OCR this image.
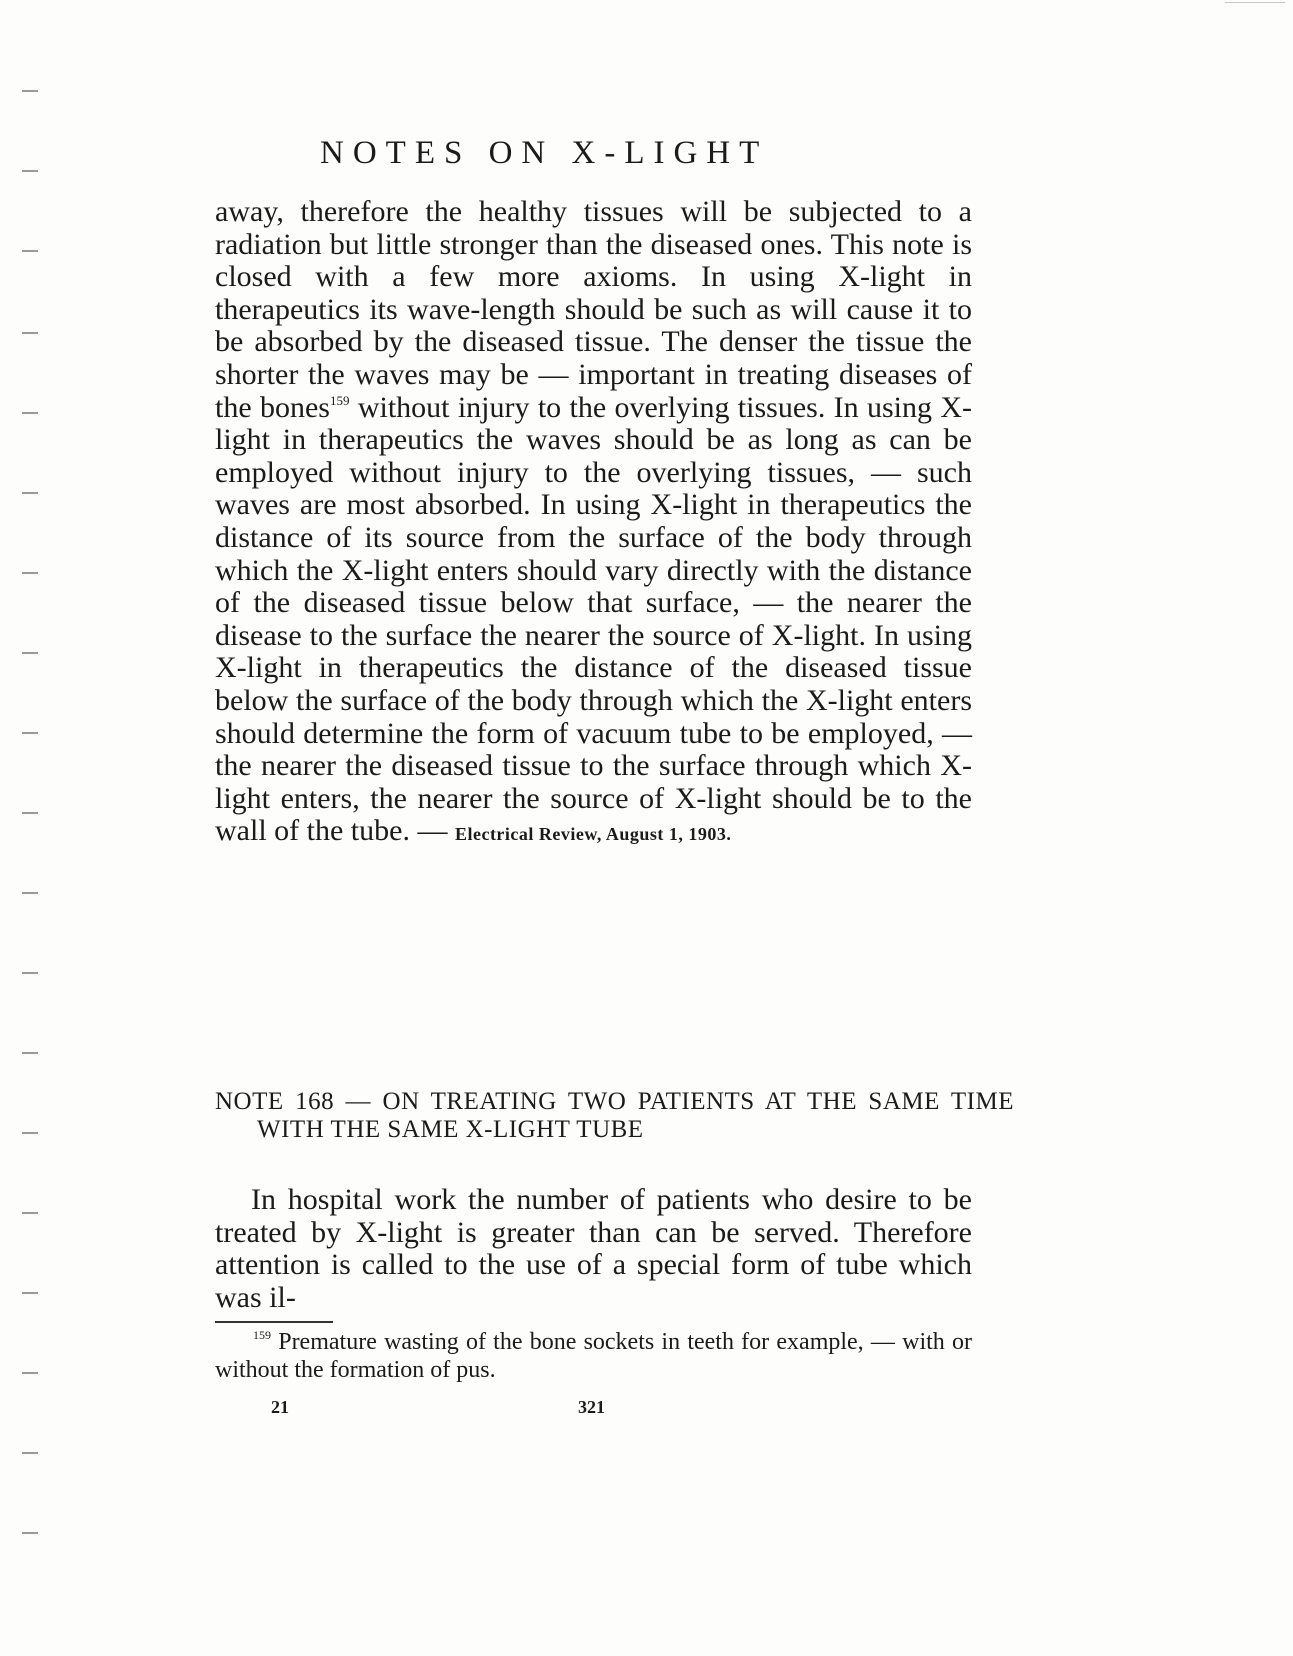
NOTES ON X-LIGHT

away, therefore the healthy tissues will be subjected to a radiation but little stronger than the diseased ones. This note is closed with a few more axioms. In using X-light in therapeutics its wave-length should be such as will cause it to be absorbed by the diseased tissue. The denser the tissue the shorter the waves may be — important in treating diseases of the bones$^{159}$ without injury to the overlying tissues. In using X-light in therapeutics the waves should be as long as can be employed without injury to the overlying tissues, — such waves are most absorbed. In using X-light in therapeutics the distance of its source from the surface of the body through which the X-light enters should vary directly with the distance of the diseased tissue below that surface, — the nearer the disease to the surface the nearer the source of X-light. In using X-light in therapeutics the distance of the diseased tissue below the surface of the body through which the X-light enters should determine the form of vacuum tube to be employed, — the nearer the diseased tissue to the surface through which X-light enters, the nearer the source of X-light should be to the wall of the tube. — Electrical Review, August 1, 1903.

NOTE 168 — ON TREATING TWO PATIENTS AT THE SAME TIME WITH THE SAME X-LIGHT TUBE

In hospital work the number of patients who desire to be treated by X-light is greater than can be served. Therefore attention is called to the use of a special form of tube which was il-

$^{159}$ Premature wasting of the bone sockets in teeth for example, — with or without the formation of pus.

21	321
